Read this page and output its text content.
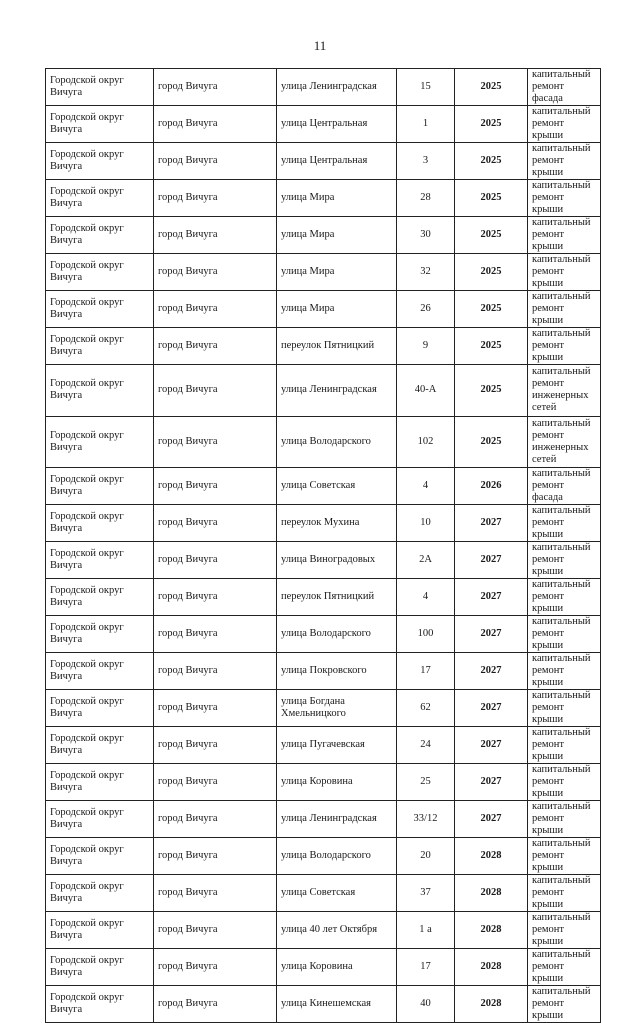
11
Городской округ Вичуга	город Вичуга	улица Ленинградская	15	2025	капитальный ремонт фасада
Городской округ Вичуга	город Вичуга	улица Центральная	1	2025	капитальный ремонт крыши
Городской округ Вичуга	город Вичуга	улица Центральная	3	2025	капитальный ремонт крыши
Городской округ Вичуга	город Вичуга	улица Мира	28	2025	капитальный ремонт крыши
Городской округ Вичуга	город Вичуга	улица Мира	30	2025	капитальный ремонт крыши
Городской округ Вичуга	город Вичуга	улица Мира	32	2025	капитальный ремонт крыши
Городской округ Вичуга	город Вичуга	улица Мира	26	2025	капитальный ремонт крыши
Городской округ Вичуга	город Вичуга	переулок Пятницкий	9	2025	капитальный ремонт крыши
Городской округ Вичуга	город Вичуга	улица Ленинградская	40-А	2025	капитальный ремонт инженерных сетей
Городской округ Вичуга	город Вичуга	улица Володарского	102	2025	капитальный ремонт инженерных сетей
Городской округ Вичуга	город Вичуга	улица Советская	4	2026	капитальный ремонт фасада
Городской округ Вичуга	город Вичуга	переулок Мухина	10	2027	капитальный ремонт крыши
Городской округ Вичуга	город Вичуга	улица Виноградовых	2А	2027	капитальный ремонт крыши
Городской округ Вичуга	город Вичуга	переулок Пятницкий	4	2027	капитальный ремонт крыши
Городской округ Вичуга	город Вичуга	улица Володарского	100	2027	капитальный ремонт крыши
Городской округ Вичуга	город Вичуга	улица Покровского	17	2027	капитальный ремонт крыши
Городской округ Вичуга	город Вичуга	улица Богдана Хмельницкого	62	2027	капитальный ремонт крыши
Городской округ Вичуга	город Вичуга	улица Пугачевская	24	2027	капитальный ремонт крыши
Городской округ Вичуга	город Вичуга	улица Коровина	25	2027	капитальный ремонт крыши
Городской округ Вичуга	город Вичуга	улица Ленинградская	33/12	2027	капитальный ремонт крыши
Городской округ Вичуга	город Вичуга	улица Володарского	20	2028	капитальный ремонт крыши
Городской округ Вичуга	город Вичуга	улица Советская	37	2028	капитальный ремонт крыши
Городской округ Вичуга	город Вичуга	улица 40 лет Октября	1 а	2028	капитальный ремонт крыши
Городской округ Вичуга	город Вичуга	улица Коровина	17	2028	капитальный ремонт крыши
Городской округ Вичуга	город Вичуга	улица Кинешемская	40	2028	капитальный ремонт крыши
